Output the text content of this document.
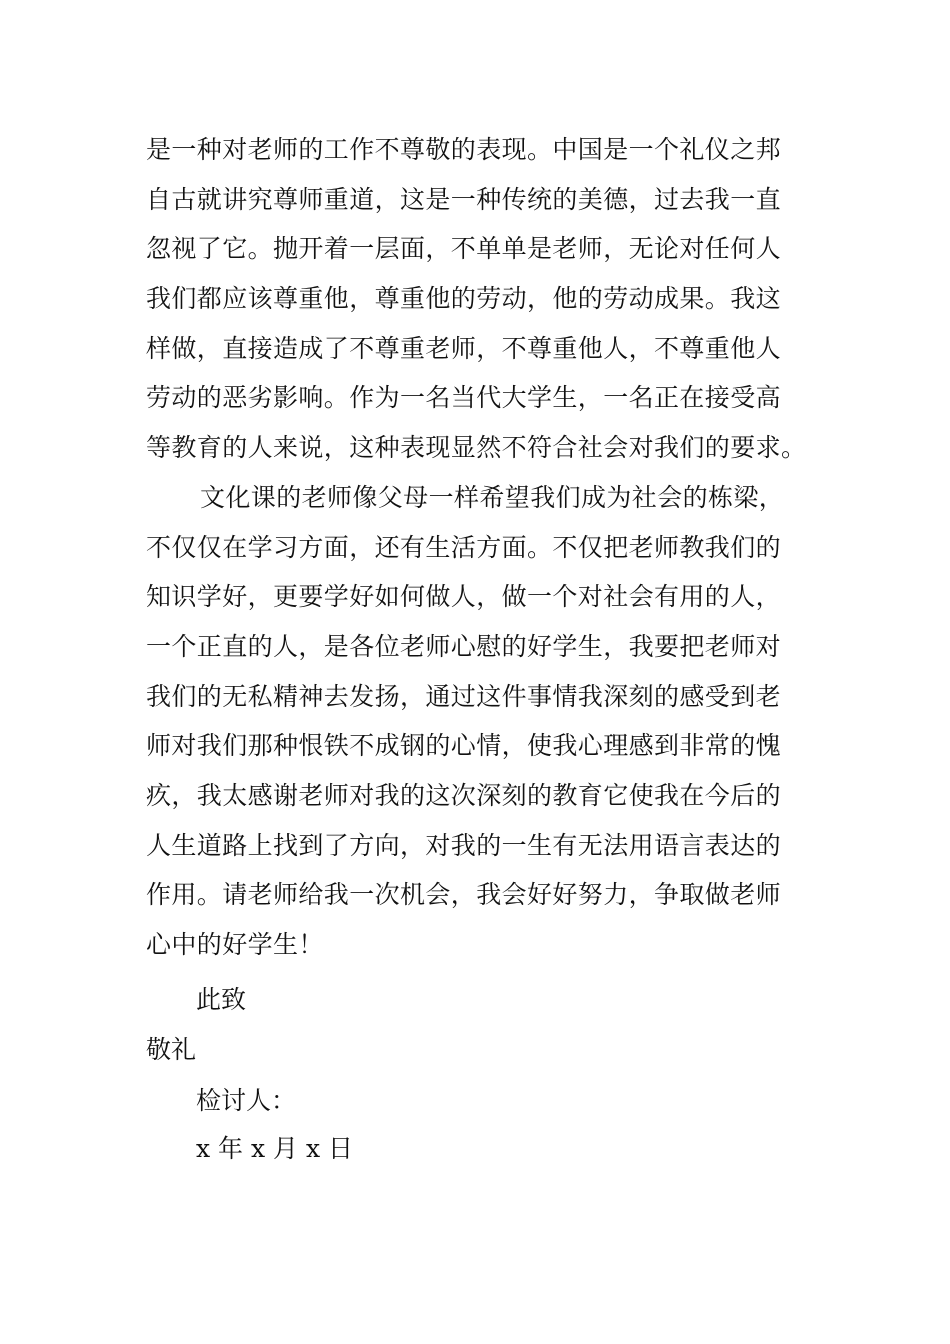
是一种对老师的工作不尊敬的表现。中国是一个礼仪之邦
自古就讲究尊师重道，这是一种传统的美德，过去我一直
忽视了它。抛开着一层面，不单单是老师，无论对任何人
我们都应该尊重他，尊重他的劳动，他的劳动成果。我这
样做，直接造成了不尊重老师，不尊重他人，不尊重他人
劳动的恶劣影响。作为一名当代大学生，一名正在接受高
等教育的人来说，这种表现显然不符合社会对我们的要求。
文化课的老师像父母一样希望我们成为社会的栋梁，
不仅仅在学习方面，还有生活方面。不仅把老师教我们的
知识学好，更要学好如何做人，做一个对社会有用的人，
一个正直的人，是各位老师心慰的好学生，我要把老师对
我们的无私精神去发扬，通过这件事情我深刻的感受到老
师对我们那种恨铁不成钢的心情，使我心理感到非常的愧
疚，我太感谢老师对我的这次深刻的教育它使我在今后的
人生道路上找到了方向，对我的一生有无法用语言表达的
作用。请老师给我一次机会，我会好好努力，争取做老师
心中的好学生！
此致
敬礼
检讨人：
x 年 x 月 x 日
